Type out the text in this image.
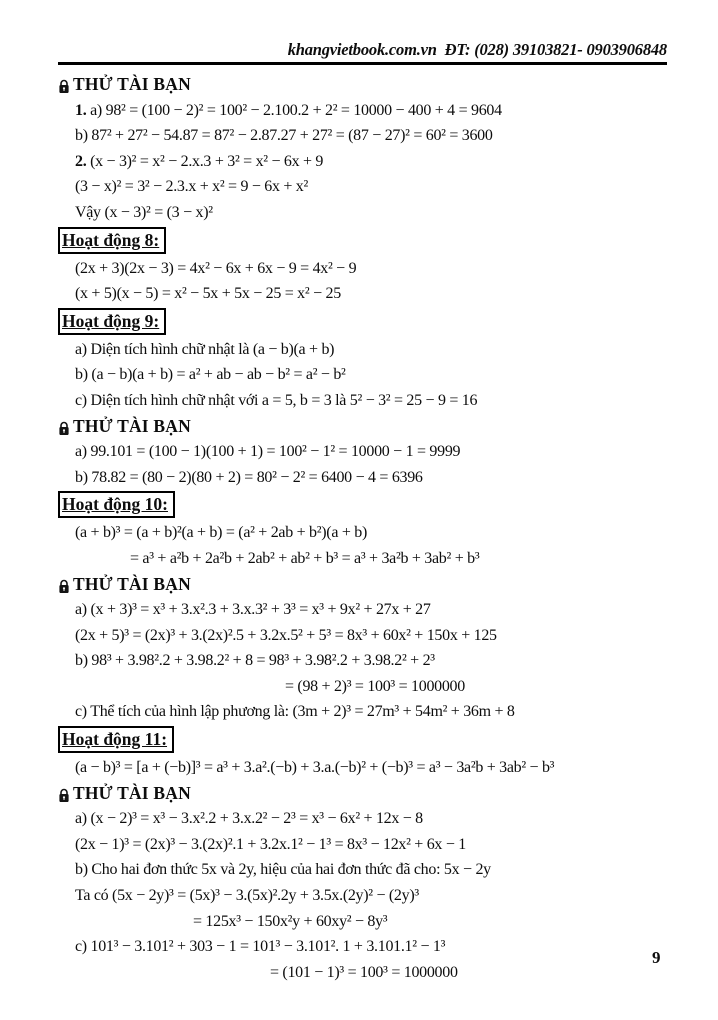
khangvietbook.com.vn  ĐT: (028) 39103821- 0903906848
THỬ TÀI BẠN
1. a) 98² = (100 − 2)² = 100² − 2.100.2 + 2² = 10000 − 400 + 4 = 9604
b) 87² + 27² − 54.87 = 87² − 2.87.27 + 27² = (87 − 27)² = 60² = 3600
2. (x − 3)² = x² − 2.x.3 + 3² = x² − 6x + 9
(3 − x)² = 3² − 2.3.x + x² = 9 − 6x + x²
Vậy (x − 3)² = (3 − x)²
Hoạt động 8:
(2x + 3)(2x − 3) = 4x² − 6x + 6x − 9 = 4x² − 9
(x + 5)(x − 5) = x² − 5x + 5x − 25 = x² − 25
Hoạt động 9:
a) Diện tích hình chữ nhật là (a − b)(a + b)
b) (a − b)(a + b) = a² + ab − ab − b² = a² − b²
c) Diện tích hình chữ nhật với a = 5, b = 3 là 5² − 3² = 25 − 9 = 16
THỬ TÀI BẠN
a) 99.101 = (100 − 1)(100 + 1) = 100² − 1² = 10000 − 1 = 9999
b) 78.82 = (80 − 2)(80 + 2) = 80² − 2² = 6400 − 4 = 6396
Hoạt động 10:
(a + b)³ = (a + b)²(a + b) = (a² + 2ab + b²)(a + b)
= a³ + a²b + 2a²b + 2ab² + ab² + b³ = a³ + 3a²b + 3ab² + b³
THỬ TÀI BẠN
a) (x + 3)³ = x³ + 3.x².3 + 3.x.3² + 3³ = x³ + 9x² + 27x + 27
(2x + 5)³ = (2x)³ + 3.(2x)².5 + 3.2x.5² + 5³ = 8x³ + 60x² + 150x + 125
b) 98³ + 3.98².2 + 3.98.2² + 8 = 98³ + 3.98².2 + 3.98.2² + 2³
= (98 + 2)³ = 100³ = 1000000
c) Thể tích của hình lập phương là: (3m + 2)³ = 27m³ + 54m² + 36m + 8
Hoạt động 11:
(a − b)³ = [a + (−b)]³ = a³ + 3.a².(−b) + 3.a.(−b)² + (−b)³ = a³ − 3a²b + 3ab² − b³
THỬ TÀI BẠN
a) (x − 2)³ = x³ − 3.x².2 + 3.x.2² − 2³ = x³ − 6x² + 12x − 8
(2x − 1)³ = (2x)³ − 3.(2x)².1 + 3.2x.1² − 1³ = 8x³ − 12x² + 6x − 1
b) Cho hai đơn thức 5x và 2y, hiệu của hai đơn thức đã cho: 5x − 2y
Ta có (5x − 2y)³ = (5x)³ − 3.(5x)².2y + 3.5x.(2y)² − (2y)³
= 125x³ − 150x²y + 60xy² − 8y³
c) 101³ − 3.101² + 303 − 1 = 101³ − 3.101². 1 + 3.101.1² − 1³
= (101 − 1)³ = 100³ = 1000000
9
